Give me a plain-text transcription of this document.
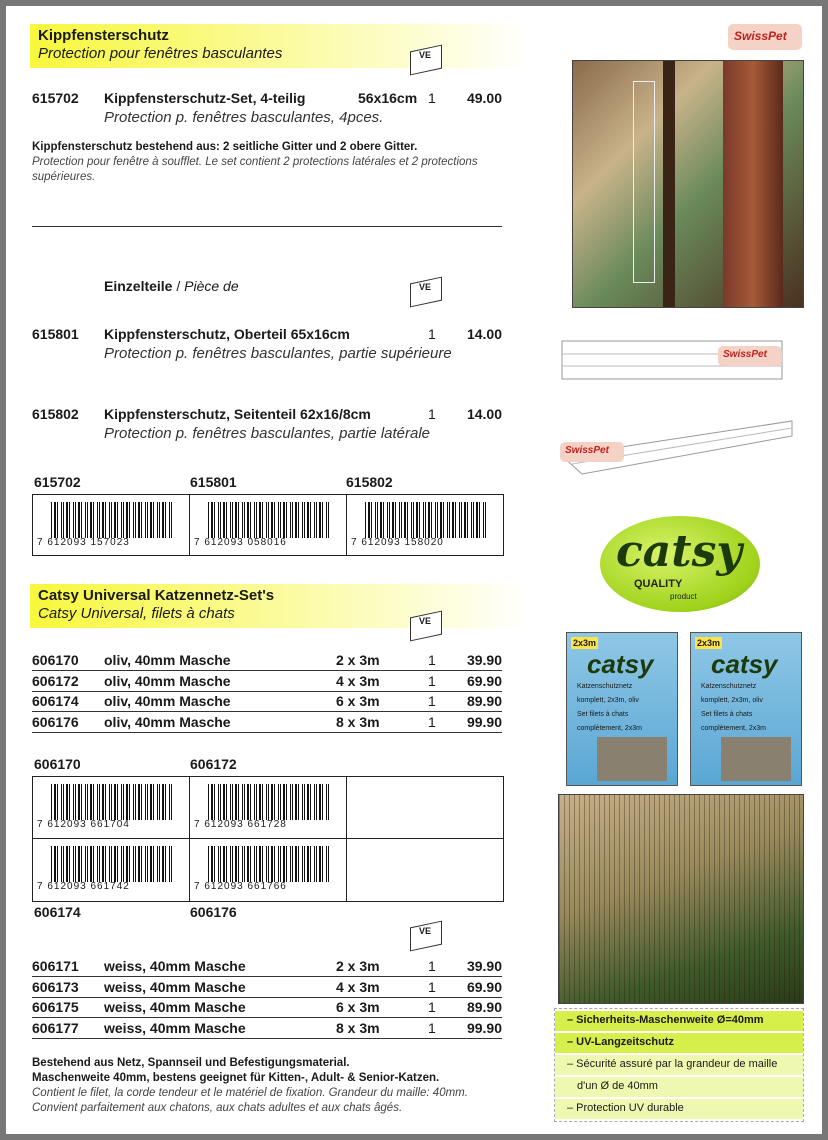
Kippfensterschutz
Protection pour fenêtres basculantes	VE
SwissPet
615702 Kippfensterschutz-Set, 4-teilig	56x16cm 1 49.00
Protection p. fenêtres basculantes, 4pces.
Kippfensterschutz bestehend aus: 2 seitliche Gitter und 2 obere Gitter.
Protection pour fenêtre à soufflet. Le set contient 2 protections latérales et 2 protections supérieures.
Einzelteile / Pièce de	VE
615801 Kippfensterschutz, Oberteil 65x16cm	1 14.00
Protection p. fenêtres basculantes, partie supérieure
615802 Kippfensterschutz, Seitenteil 62x16/8cm	1 14.00
Protection p. fenêtres basculantes, partie latérale
615702	615801	615802
7 612093 157023	7 612093 058016	7 612093 158020
Catsy Universal Katzennetz-Set's
Catsy Universal, filets à chats	VE
606170 oliv, 40mm Masche	2 x 3m	1 39.90
606172 oliv, 40mm Masche	4 x 3m	1 69.90
606174 oliv, 40mm Masche	6 x 3m	1 89.90
606176 oliv, 40mm Masche	8 x 3m	1 99.90
606170	606172
7 612093 661704	7 612093 661728
7 612093 661742	7 612093 661766
606174	606176
VE
606171 weiss, 40mm Masche	2 x 3m	1 39.90
606173 weiss, 40mm Masche	4 x 3m	1 69.90
606175 weiss, 40mm Masche	6 x 3m	1 89.90
606177 weiss, 40mm Masche	8 x 3m	1 99.90
Bestehend aus Netz, Spannseil und Befestigungsmaterial.
Maschenweite 40mm, bestens geeignet für Kitten-, Adult- & Senior-Katzen.
Contient le filet, la corde tendeur et le matériel de fixation. Grandeur du maille: 40mm.
Convient parfaitement aux chatons, aux chats adultes et aux chats âgés.
SwissPet
SwissPet
catsy
QUALITY
product
2x3m
catsy
Katzenschutznetz
komplett, 2x3m, oliv
Set filets à chats
complètement, 2x3m
2x3m
catsy
Katzenschutznetz
komplett, 2x3m, oliv
Set filets à chats
complètement, 2x3m
– Sicherheits-Maschenweite Ø=40mm
– UV-Langzeitschutz
– Sécurité assuré par la grandeur de maille
d'un Ø de 40mm
– Protection UV durable
